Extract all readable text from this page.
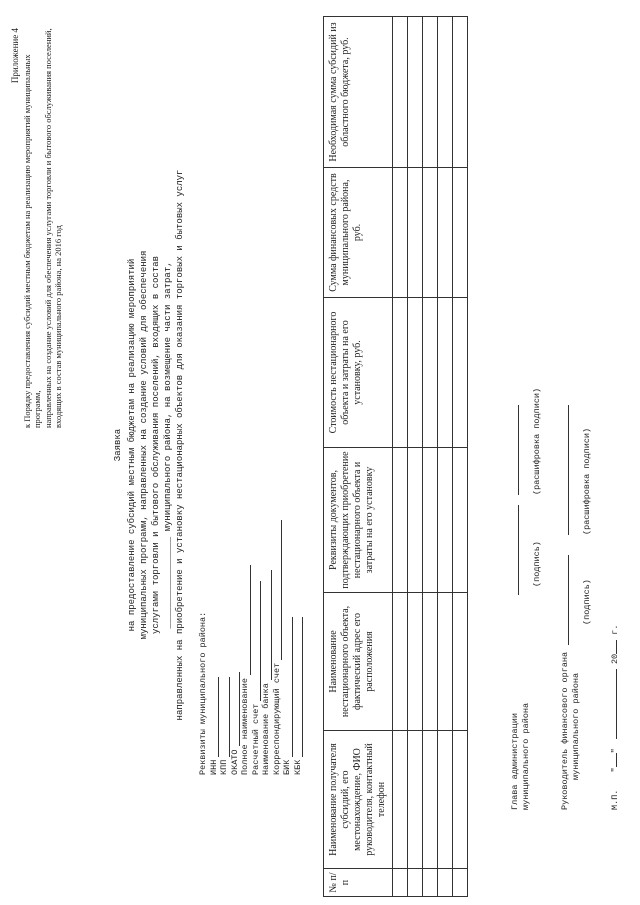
Приложение 4 к Порядку предоставления субсидий местным бюджетам на реализацию мероприятий муниципальных программ, направленных на создание условий для обеспечения услугами торговли и бытового обслуживания поселений, входящих в состав муниципального района, на 2016 год
Заявка на предоставление субсидий местным бюджетам на реализацию мероприятий муниципальных программ, направленных на создание условий для обеспечения услугами торговли и бытового обслуживания поселений, входящих в состав _________________ муниципального района, на возмещение части затрат, направленных на приобретение и установку нестационарных объектов для оказания торговых и бытовых услуг Реквизиты муниципального района: ИНН КПП ОКАТО Полное наименование Расчетный счет Наименование банка Корреспондирующий счет БИК КБК
№ п/п	Наименование получателя субсидий, его местонахождение, ФИО руководителя, контактный телефон	Наименование нестационарного объекта, фактический адрес его расположения	Реквизиты документов, подтверждающих приобретение нестационарного объекта и затраты на его установку	Стоимость нестационарного объекта и затраты на его установку, руб.	Сумма финансовых средств муниципального района, руб.	Необходимая сумма субсидий из областного бюджета, руб.

Глава администрации муниципального района
(подпись)
(расшифровка подписи)
Руководитель финансового органа муниципального района
(подпись)
(расшифровка подписи)
М.П. ""  20 г.
